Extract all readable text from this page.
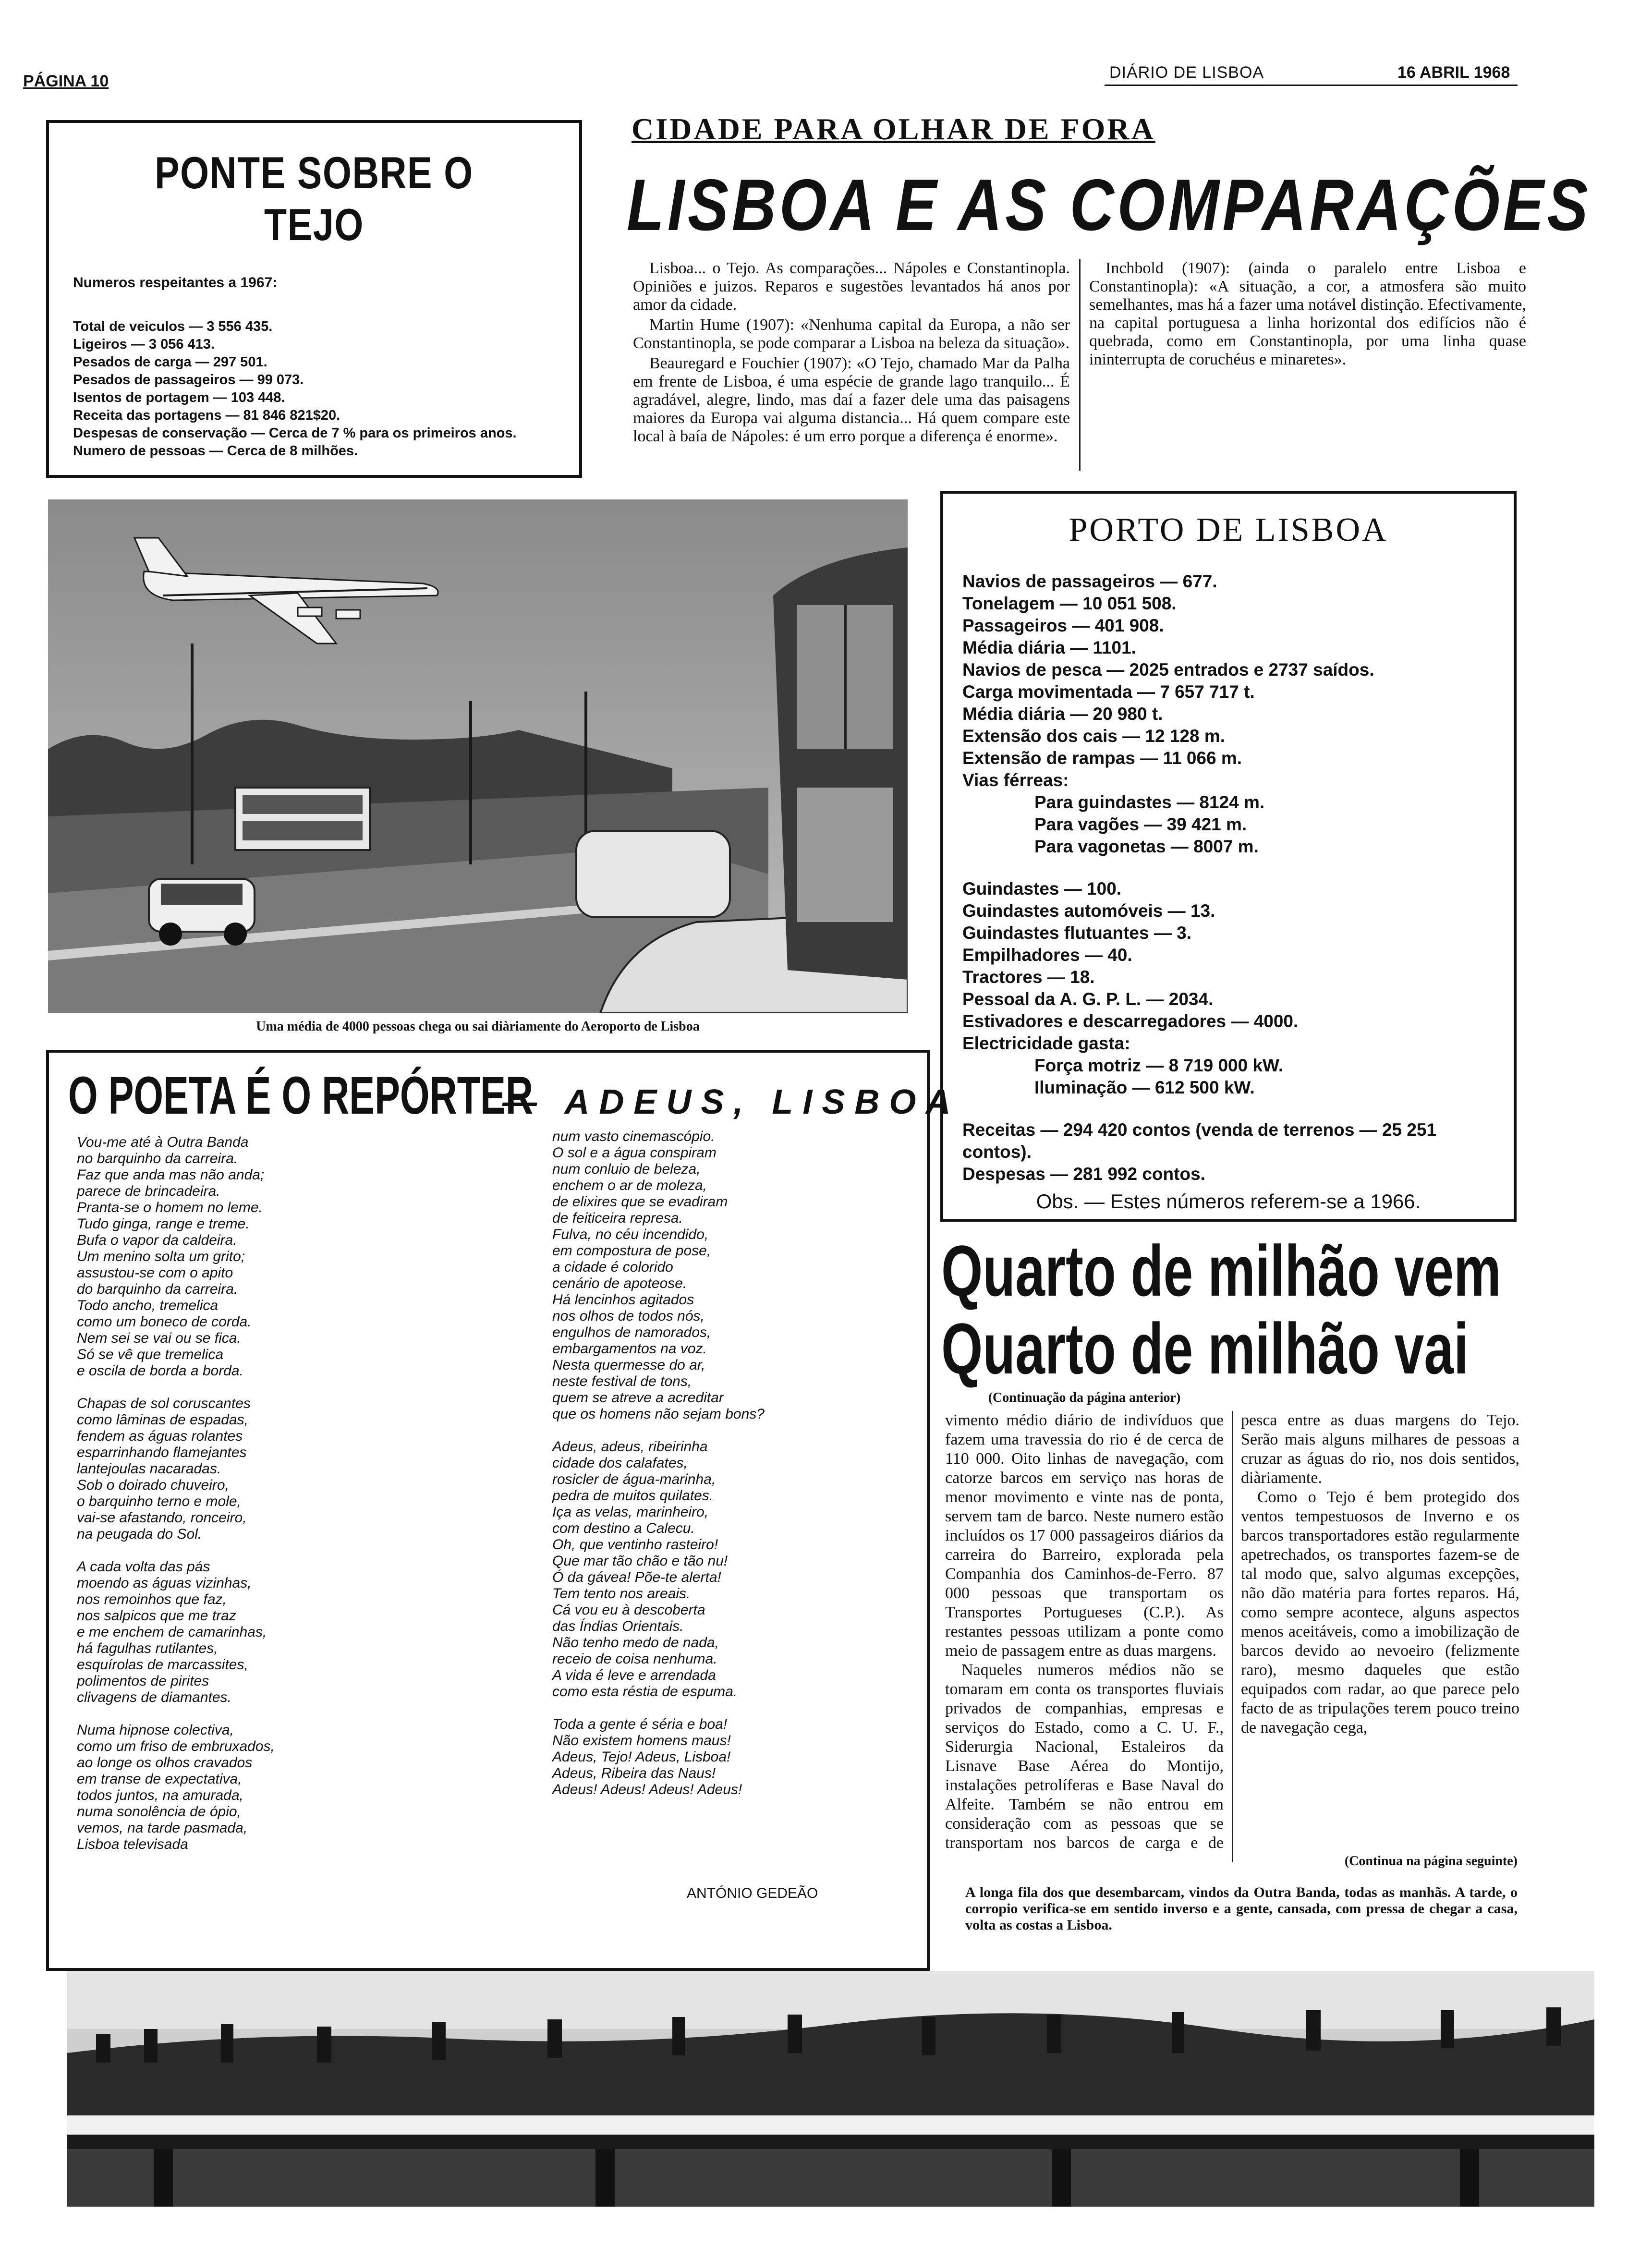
PÁGINA 10	DIÁRIO DE LISBOA	16 ABRIL 1968
PONTE SOBRE O TEJO
Numeros respeitantes a 1967:
Total de veiculos — 3 556 435.
Ligeiros — 3 056 413.
Pesados de carga — 297 501.
Pesados de passageiros — 99 073.
Isentos de portagem — 103 448.
Receita das portagens — 81 846 821$20.
Despesas de conservação — Cerca de 7 % para os primeiros anos.
Numero de pessoas — Cerca de 8 milhões.
CIDADE PARA OLHAR DE FORA
LISBOA E AS COMPARAÇÕES

Lisboa... o Tejo. As comparações... Nápoles e Constantinopla. Opiniões e juizos. Reparos e sugestões levantados há anos por amor da cidade.

Martin Hume (1907): «Nenhuma capital da Europa, a não ser Constantinopla, se pode comparar a Lisboa na beleza da situação».

Beauregard e Fouchier (1907): «O Tejo, chamado Mar da Palha em frente de Lisboa, é uma espécie de grande lago tranquilo... É agradável, alegre, lindo, mas daí a fazer dele uma das paisagens maiores da Europa vai alguma distancia... Há quem compare este local à baía de Nápoles: é um erro porque a diferença é enorme».

Inchbold (1907): (ainda o paralelo entre Lisboa e Constantinopla): «A situação, a cor, a atmosfera são muito semelhantes, mas há a fazer uma notável distinção. Efectivamente, na capital portuguesa a linha horizontal dos edifícios não é quebrada, como em Constantinopla, por uma linha quase ininterrupta de coruchéus e minaretes».

Uma média de 4000 pessoas chega ou sai diàriamente do Aeroporto de Lisboa
PORTO DE LISBOA
Navios de passageiros — 677.
Tonelagem — 10 051 508.
Passageiros — 401 908.
Média diária — 1101.
Navios de pesca — 2025 entrados e 2737 saídos.
Carga movimentada — 7 657 717 t.
Média diária — 20 980 t.
Extensão dos cais — 12 128 m.
Extensão de rampas — 11 066 m.
Vias férreas:
Para guindastes — 8124 m.
Para vagões — 39 421 m.
Para vagonetas — 8007 m.
Guindastes — 100.
Guindastes automóveis — 13.
Guindastes flutuantes — 3.
Empilhadores — 40.
Tractores — 18.
Pessoal da A. G. P. L. — 2034.
Estivadores e descarregadores — 4000.
Electricidade gasta:
Força motriz — 8 719 000 kW.
Iluminação — 612 500 kW.
Receitas — 294 420 contos (venda de terrenos — 25 251 contos).
Despesas — 281 992 contos.
Obs. — Estes números referem-se a 1966.
O POETA É O REPÓRTER
— ADEUS, LISBOA
Vou-me até à Outra Banda
no barquinho da carreira.
Faz que anda mas não anda;
parece de brincadeira.
Pranta-se o homem no leme.
Tudo ginga, range e treme.
Bufa o vapor da caldeira.
Um menino solta um grito;
assustou-se com o apito
do barquinho da carreira.
Todo ancho, tremelica
como um boneco de corda.
Nem sei se vai ou se fica.
Só se vê que tremelica
e oscila de borda a borda.
Chapas de sol coruscantes
como lâminas de espadas,
fendem as águas rolantes
esparrinhando flamejantes
lantejoulas nacaradas.
Sob o doirado chuveiro,
o barquinho terno e mole,
vai-se afastando, ronceiro,
na peugada do Sol.
A cada volta das pás
moendo as águas vizinhas,
nos remoinhos que faz,
nos salpicos que me traz
e me enchem de camarinhas,
há fagulhas rutilantes,
esquírolas de marcassites,
polimentos de pirites
clivagens de diamantes.
Numa hipnose colectiva,
como um friso de embruxados,
ao longe os olhos cravados
em transe de expectativa,
todos juntos, na amurada,
numa sonolência de ópio,
vemos, na tarde pasmada,
Lisboa televisada
num vasto cinemascópio.
O sol e a água conspiram
num conluio de beleza,
enchem o ar de moleza,
de elixires que se evadiram
de feiticeira represa.
Fulva, no céu incendido,
em compostura de pose,
a cidade é colorido
cenário de apoteose.
Há lencinhos agitados
nos olhos de todos nós,
engulhos de namorados,
embargamentos na voz.
Nesta quermesse do ar,
neste festival de tons,
quem se atreve a acreditar
que os homens não sejam bons?
Adeus, adeus, ribeirinha
cidade dos calafates,
rosicler de água-marinha,
pedra de muitos quilates.
Iça as velas, marinheiro,
com destino a Calecu.
Oh, que ventinho rasteiro!
Que mar tão chão e tão nu!
Ó da gávea! Põe-te alerta!
Tem tento nos areais.
Cá vou eu à descoberta
das Índias Orientais.
Não tenho medo de nada,
receio de coisa nenhuma.
A vida é leve e arrendada
como esta réstia de espuma.
Toda a gente é séria e boa!
Não existem homens maus!
Adeus, Tejo! Adeus, Lisboa!
Adeus, Ribeira das Naus!
Adeus! Adeus! Adeus! Adeus!
ANTÓNIO GEDEÃO
Quarto de milhão vem
Quarto de milhão vai
(Continuação da página anterior)

vimento médio diário de indivíduos que fazem uma travessia do rio é de cerca de 110 000. Oito linhas de navegação, com catorze barcos em serviço nas horas de menor movimento e vinte nas de ponta, servem tam de barco. Neste numero estão incluídos os 17 000 passageiros diários da carreira do Barreiro, explorada pela Companhia dos Caminhos-de-Ferro. 87 000 pessoas que transportam os Transportes Portugueses (C.P.). As restantes pessoas utilizam a ponte como meio de passagem entre as duas margens.

Naqueles numeros médios não se tomaram em conta os transportes fluviais privados de companhias, empresas e serviços do Estado, como a C. U. F., Siderurgia Nacional, Estaleiros da Lisnave Base Aérea do Montijo, instalações petrolíferas e Base Naval do Alfeite. Também se não entrou em consideração com as pessoas que se transportam nos barcos de carga e de pesca entre as duas margens do Tejo. Serão mais alguns milhares de pessoas a cruzar as águas do rio, nos dois sentidos, diàriamente.

Como o Tejo é bem protegido dos ventos tempestuosos de Inverno e os barcos transportadores estão regularmente apetrechados, os transportes fazem-se de tal modo que, salvo algumas excepções, não dão matéria para fortes reparos. Há, como sempre acontece, alguns aspectos menos aceitáveis, como a imobilização de barcos devido ao nevoeiro (felizmente raro), mesmo daqueles que estão equipados com radar, ao que parece pelo facto de as tripulações terem pouco treino de navegação cega,

(Continua na página seguinte)
A longa fila dos que desembarcam, vindos da Outra Banda, todas as manhãs. A tarde, o corropio verifica-se em sentido inverso e a gente, cansada, com pressa de chegar a casa, volta as costas a Lisboa.
